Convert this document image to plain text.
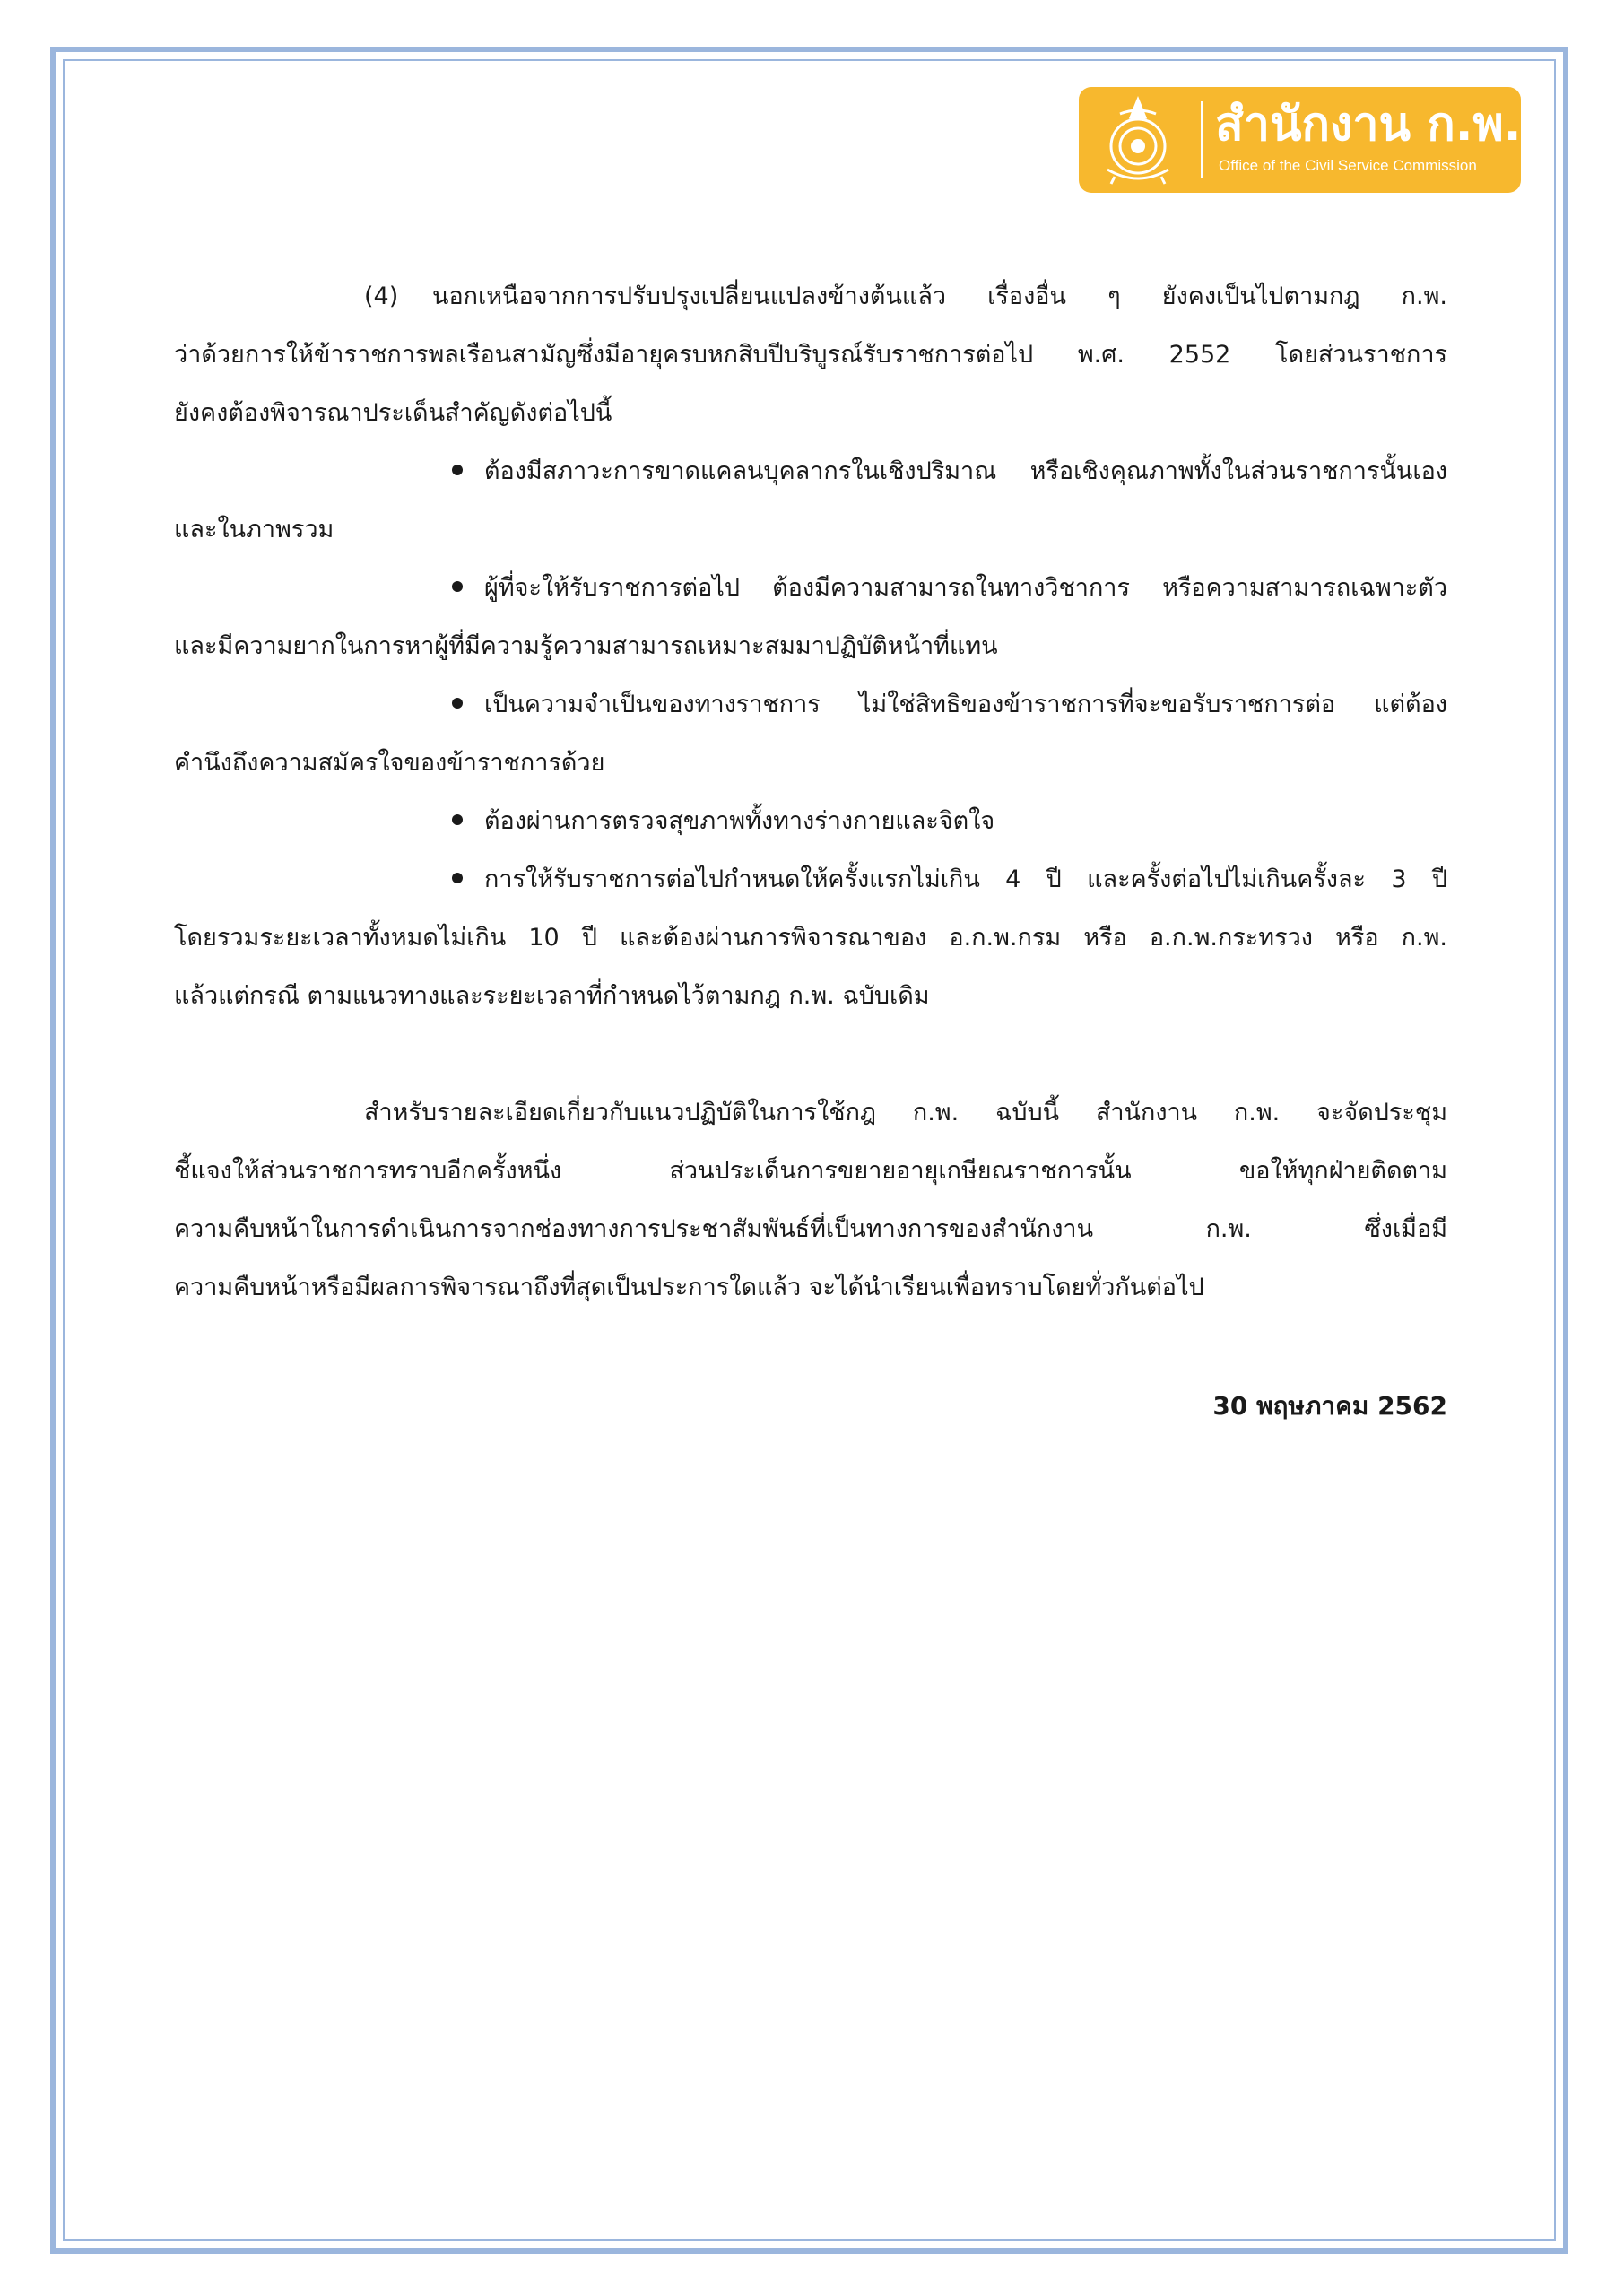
สำนักงาน ก.พ.
Office of the Civil Service Commission
(4) นอกเหนือจากการปรับปรุงเปลี่ยนแปลงข้างต้นแล้ว เรื่องอื่น ๆ ยังคงเป็นไปตามกฎ ก.พ.
ว่าด้วยการให้ข้าราชการพลเรือนสามัญซึ่งมีอายุครบหกสิบปีบริบูรณ์รับราชการต่อไป พ.ศ. 2552 โดยส่วนราชการ
ยังคงต้องพิจารณาประเด็นสำคัญดังต่อไปนี้
ต้องมีสภาวะการขาดแคลนบุคลากรในเชิงปริมาณ หรือเชิงคุณภาพทั้งในส่วนราชการนั้นเอง
และในภาพรวม
ผู้ที่จะให้รับราชการต่อไป ต้องมีความสามารถในทางวิชาการ หรือความสามารถเฉพาะตัว
และมีความยากในการหาผู้ที่มีความรู้ความสามารถเหมาะสมมาปฏิบัติหน้าที่แทน
เป็นความจำเป็นของทางราชการ ไม่ใช่สิทธิของข้าราชการที่จะขอรับราชการต่อ แต่ต้อง
คำนึงถึงความสมัครใจของข้าราชการด้วย
ต้องผ่านการตรวจสุขภาพทั้งทางร่างกายและจิตใจ
การให้รับราชการต่อไปกำหนดให้ครั้งแรกไม่เกิน 4 ปี และครั้งต่อไปไม่เกินครั้งละ 3 ปี
โดยรวมระยะเวลาทั้งหมดไม่เกิน 10 ปี และต้องผ่านการพิจารณาของ อ.ก.พ.กรม หรือ อ.ก.พ.กระทรวง หรือ ก.พ.
แล้วแต่กรณี ตามแนวทางและระยะเวลาที่กำหนดไว้ตามกฎ ก.พ. ฉบับเดิม
สำหรับรายละเอียดเกี่ยวกับแนวปฏิบัติในการใช้กฎ ก.พ. ฉบับนี้ สำนักงาน ก.พ. จะจัดประชุม
ชี้แจงให้ส่วนราชการทราบอีกครั้งหนึ่ง ส่วนประเด็นการขยายอายุเกษียณราชการนั้น ขอให้ทุกฝ่ายติดตาม
ความคืบหน้าในการดำเนินการจากช่องทางการประชาสัมพันธ์ที่เป็นทางการของสำนักงาน ก.พ. ซึ่งเมื่อมี
ความคืบหน้าหรือมีผลการพิจารณาถึงที่สุดเป็นประการใดแล้ว จะได้นำเรียนเพื่อทราบโดยทั่วกันต่อไป
30 พฤษภาคม 2562
